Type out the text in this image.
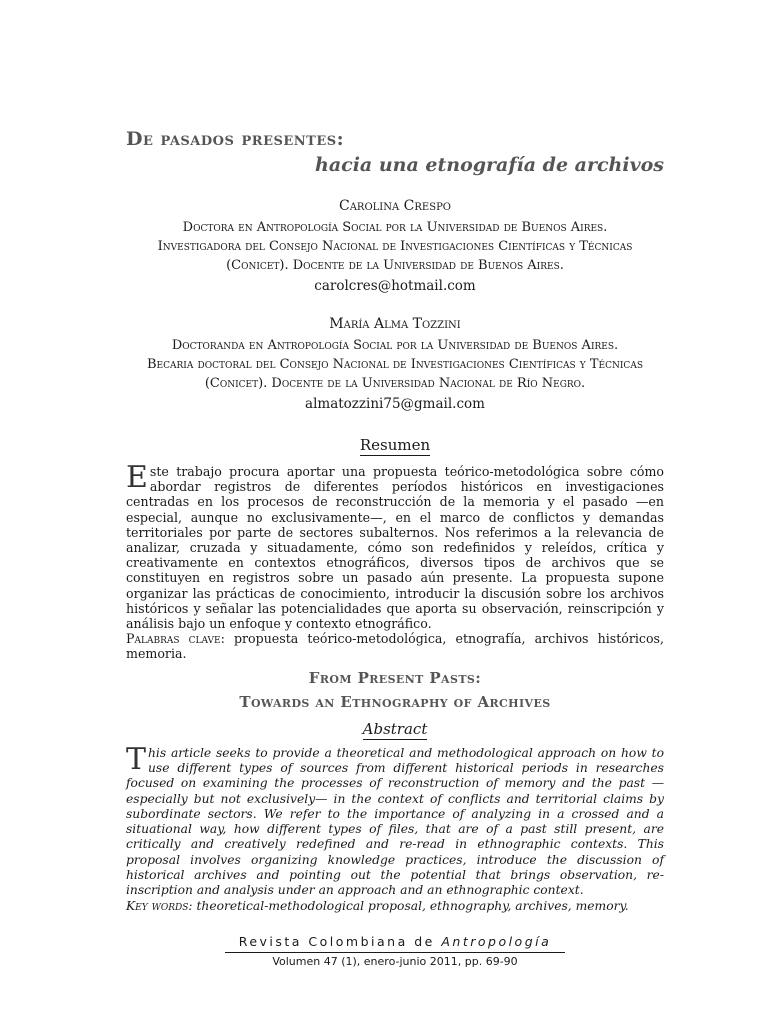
De pasados presentes:
hacia una etnografía de archivos
Carolina Crespo
Doctora en Antropología Social por la Universidad de Buenos Aires.
Investigadora del Consejo Nacional de Investigaciones Científicas y Técnicas
(Conicet). Docente de la Universidad de Buenos Aires.
carolcres@hotmail.com
María Alma Tozzini
Doctoranda en Antropología Social por la Universidad de Buenos Aires.
Becaria doctoral del Consejo Nacional de Investigaciones Científicas y Técnicas
(Conicet). Docente de la Universidad Nacional de Río Negro.
almatozzini75@gmail.com
Resumen
Este trabajo procura aportar una propuesta teórico-metodológica sobre cómo abordar registros de diferentes períodos históricos en investigaciones centradas en los procesos de reconstrucción de la memoria y el pasado —en especial, aunque no exclusivamente—, en el marco de conflictos y demandas territoriales por parte de sectores subalternos. Nos referimos a la relevancia de analizar, cruzada y situadamente, cómo son redefinidos y releídos, crítica y creativamente en contextos etnográficos, diversos tipos de archivos que se constituyen en registros sobre un pasado aún presente. La propuesta supone organizar las prácticas de conocimiento, introducir la discusión sobre los archivos históricos y señalar las potencialidades que aporta su observación, reinscripción y análisis bajo un enfoque y contexto etnográfico.
Palabras clave: propuesta teórico-metodológica, etnografía, archivos históricos, memoria.
From Present Pasts:
Towards an Ethnography of Archives
Abstract
This article seeks to provide a theoretical and methodological approach on how to use different types of sources from different historical periods in researches focused on examining the processes of reconstruction of memory and the past —especially but not exclusively— in the context of conflicts and territorial claims by subordinate sectors. We refer to the importance of analyzing in a crossed and a situational way, how different types of files, that are of a past still present, are critically and creatively redefined and re-read in ethnographic contexts. This proposal involves organizing knowledge practices, introduce the discussion of historical archives and pointing out the potential that brings observation, re-inscription and analysis under an approach and an ethnographic context.
Key words: theoretical-methodological proposal, ethnography, archives, memory.
Revista Colombiana de Antropología
Volumen 47 (1), enero-junio 2011, pp. 69-90
